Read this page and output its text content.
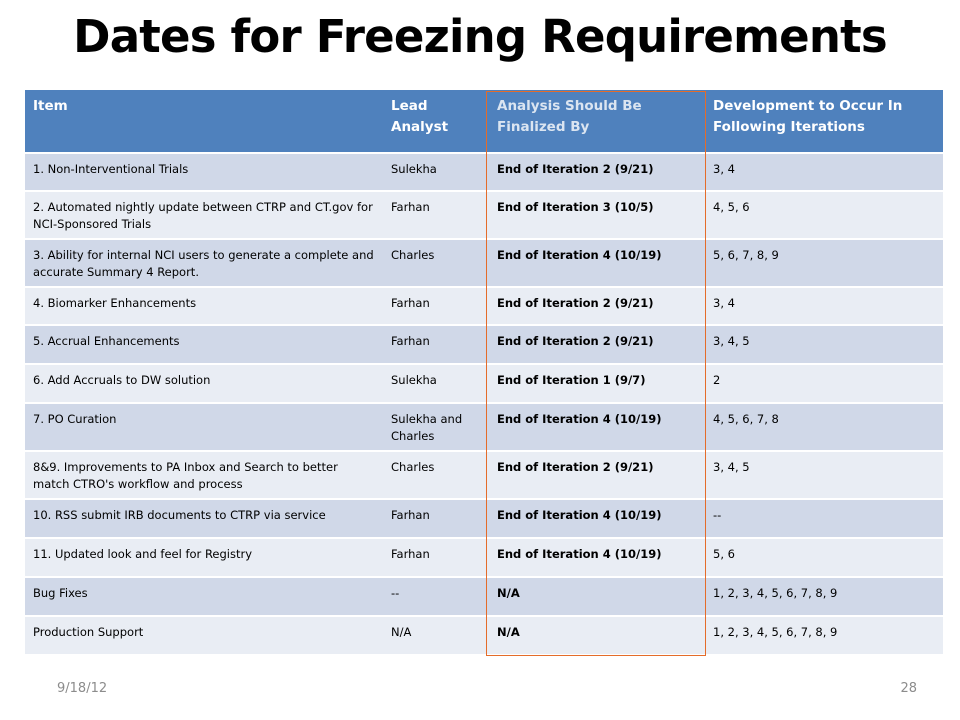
Dates for Freezing Requirements
Item	Lead Analyst	Analysis Should Be Finalized By	Development to Occur In Following Iterations
1. Non-Interventional Trials	Sulekha	End of Iteration 2 (9/21)	3, 4
2. Automated nightly update between CTRP and CT.gov for NCI-Sponsored Trials	Farhan	End of Iteration 3 (10/5)	4, 5, 6
3. Ability for internal NCI users to generate a complete and accurate Summary 4 Report.	Charles	End of Iteration 4 (10/19)	5, 6, 7, 8, 9
4. Biomarker Enhancements	Farhan	End of Iteration 2 (9/21)	3, 4
5. Accrual Enhancements	Farhan	End of Iteration 2 (9/21)	3, 4, 5
6. Add Accruals to DW solution	Sulekha	End of Iteration 1 (9/7)	2
7. PO Curation	Sulekha and Charles	End of Iteration 4 (10/19)	4, 5, 6, 7, 8
8&9. Improvements to PA Inbox and Search to better match CTRO's workflow and process	Charles	End of Iteration 2 (9/21)	3, 4, 5
10. RSS submit IRB documents to CTRP via service	Farhan	End of Iteration 4 (10/19)	--
11. Updated look and feel for Registry	Farhan	End of Iteration 4 (10/19)	5, 6
Bug Fixes	--	N/A	1, 2, 3, 4, 5, 6, 7, 8, 9
Production Support	N/A	N/A	1, 2, 3, 4, 5, 6, 7, 8, 9
9/18/12	28
